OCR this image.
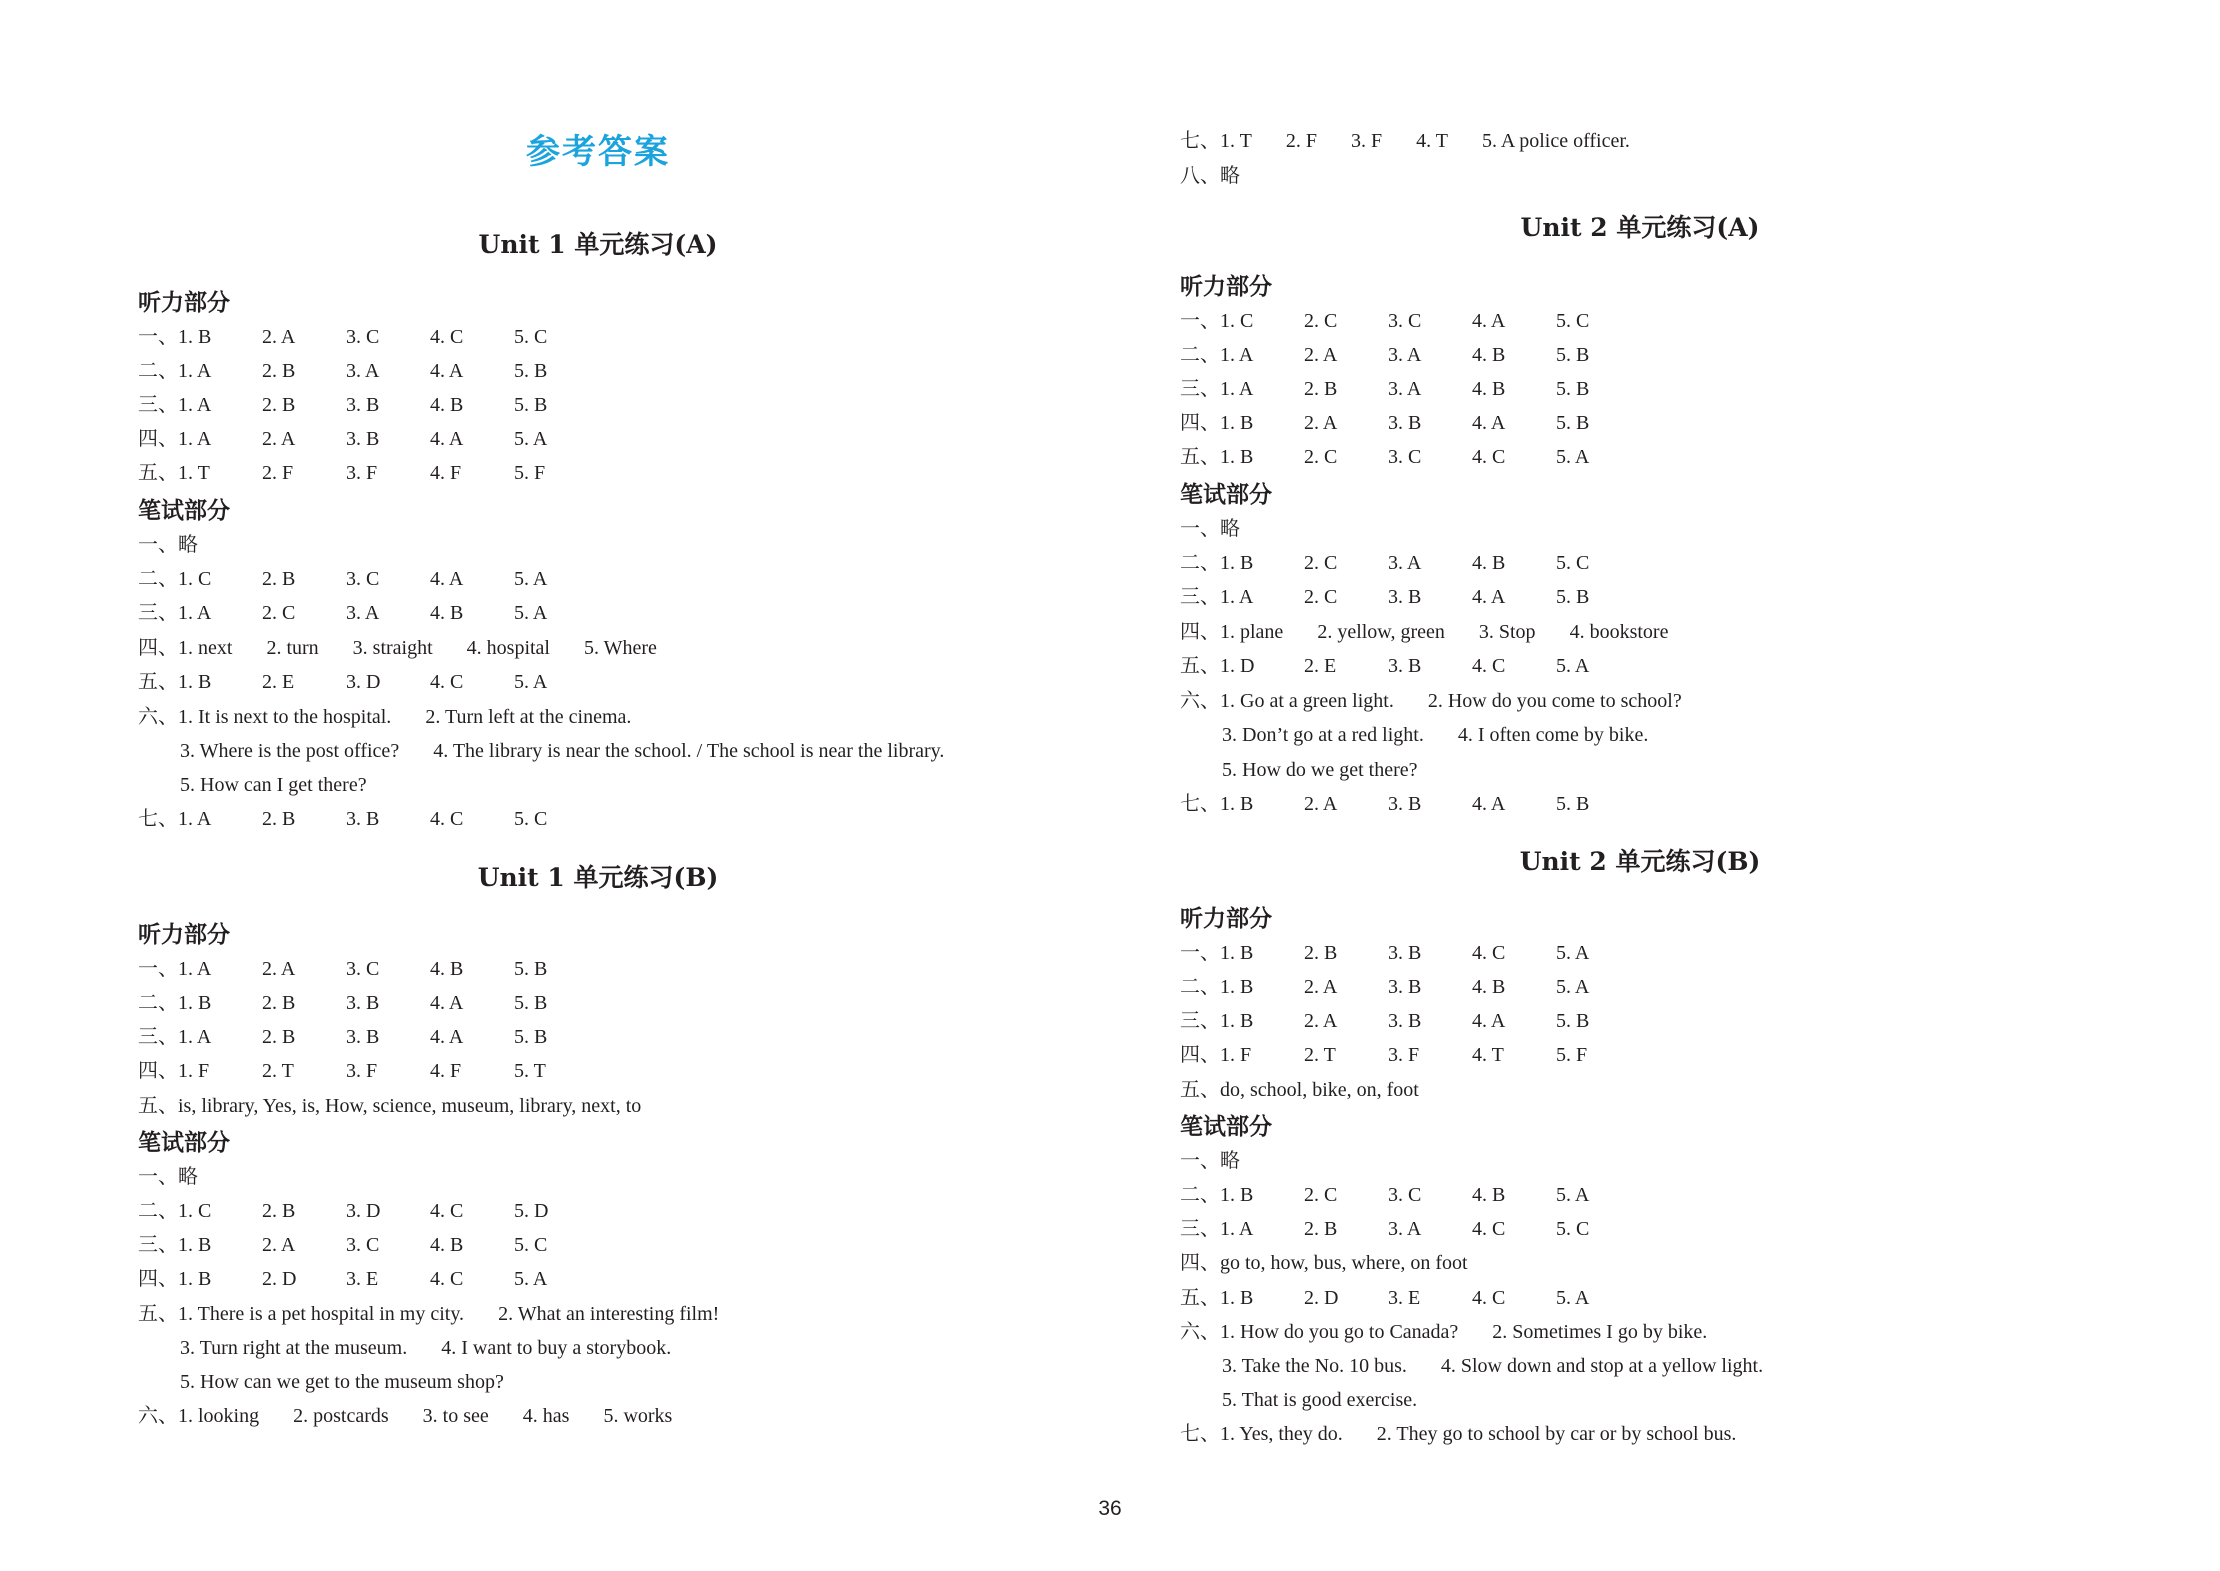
参考答案
Unit 1 单元练习(A)
听力部分
一、1. B	2. A	3. C	4. C	5. C
二、1. A	2. B	3. A	4. A	5. B
三、1. A	2. B	3. B	4. B	5. B
四、1. A	2. A	3. B	4. A	5. A
五、1. T	2. F	3. F	4. F	5. F
笔试部分
一、略
二、1. C	2. B	3. C	4. A	5. A
三、1. A	2. C	3. A	4. B	5. A
四、1. next 2. turn 3. straight 4. hospital 5. Where
五、1. B	2. E	3. D 4. C	5. A
六、1. It is next to the hospital. 2. Turn left at the cinema.
3. Where is the post office? 4. The library is near the school. / The school is near the library.
5. How can I get there?
七、1. A	2. B	3. B	4. C	5. C
Unit 1 单元练习(B)
听力部分
一、1. A	2. A	3. C	4. B	5. B
二、1. B	2. B	3. B	4. A	5. B
三、1. A	2. B	3. B	4. A	5. B
四、1. F	2. T	3. F	4. F	5. T
五、is, library, Yes, is, How, science, museum, library, next, to
笔试部分
一、略
二、1. C	2. B	3. D 4. C	5. D
三、1. B	2. A	3. C	4. B	5. C
四、1. B	2. D 3. E	4. C	5. A
五、1. There is a pet hospital in my city. 2. What an interesting film!
3. Turn right at the museum. 4. I want to buy a storybook.
5. How can we get to the museum shop?
六、1. looking 2. postcards 3. to see 4. has 5. works
七、1. T 2. F 3. F 4. T 5. A police officer.
八、略
Unit 2 单元练习(A)
听力部分
一、1. C	2. C	3. C	4. A	5. C
二、1. A	2. A	3. A	4. B	5. B
三、1. A	2. B	3. A	4. B	5. B
四、1. B	2. A	3. B	4. A	5. B
五、1. B	2. C	3. C	4. C	5. A
笔试部分
一、略
二、1. B	2. C	3. A	4. B	5. C
三、1. A	2. C	3. B	4. A	5. B
四、1. plane 2. yellow, green 3. Stop 4. bookstore
五、1. D 2. E	3. B	4. C	5. A
六、1. Go at a green light. 2. How do you come to school?
3. Don’t go at a red light. 4. I often come by bike.
5. How do we get there?
七、1. B	2. A	3. B	4. A	5. B
Unit 2 单元练习(B)
听力部分
一、1. B	2. B	3. B	4. C	5. A
二、1. B	2. A	3. B	4. B	5. A
三、1. B	2. A	3. B	4. A	5. B
四、1. F	2. T	3. F	4. T	5. F
五、do, school, bike, on, foot
笔试部分
一、略
二、1. B	2. C	3. C	4. B	5. A
三、1. A	2. B	3. A	4. C	5. C
四、go to, how, bus, where, on foot
五、1. B	2. D 3. E	4. C	5. A
六、1. How do you go to Canada? 2. Sometimes I go by bike.
3. Take the No. 10 bus. 4. Slow down and stop at a yellow light.
5. That is good exercise.
七、1. Yes, they do. 2. They go to school by car or by school bus.
36
